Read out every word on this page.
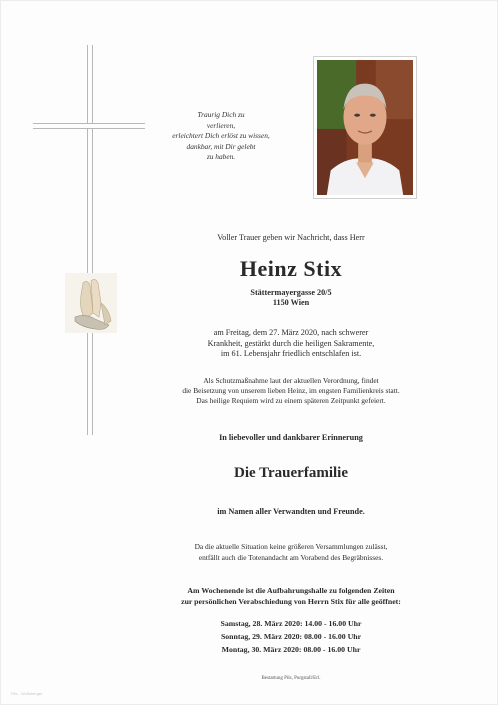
Traurig Dich zu
verlieren,
erleichtert Dich erlöst zu wissen,
dankbar, mit Dir gelebt
zu haben.
Voller Trauer geben wir Nachricht, dass Herr
Heinz Stix
Stättermayergasse 20/5
1150 Wien
am Freitag, dem 27. März 2020, nach schwerer
Krankheit, gestärkt durch die heiligen Sakramente,
im 61. Lebensjahr friedlich entschlafen ist.
Als Schutzmaßnahme laut der aktuellen Verordnung, findet
die Beisetzung von unserem lieben Heinz, im engsten Familienkreis statt.
Das heilige Requiem wird zu einem späteren Zeitpunkt gefeiert.
In liebevoller und dankbarer Erinnerung
Die Trauerfamilie
im Namen aller Verwandten und Freunde.
Da die aktuelle Situation keine größeren Versammlungen zulässt,
entfällt auch die Totenandacht am Vorabend des Begräbnisses.
Am Wochenende ist die Aufbahrungshalle zu folgenden Zeiten
zur persönlichen Verabschiedung von Herrn Stix für alle geöffnet:
Samstag, 28. März 2020: 14.00 - 16.00 Uhr
Sonntag, 29. März 2020: 08.00 - 16.00 Uhr
Montag, 30. März 2020: 08.00 - 16.00 Uhr
Bestattung Pils, Purgstall/Erl.
Pils - Wolfsberger
